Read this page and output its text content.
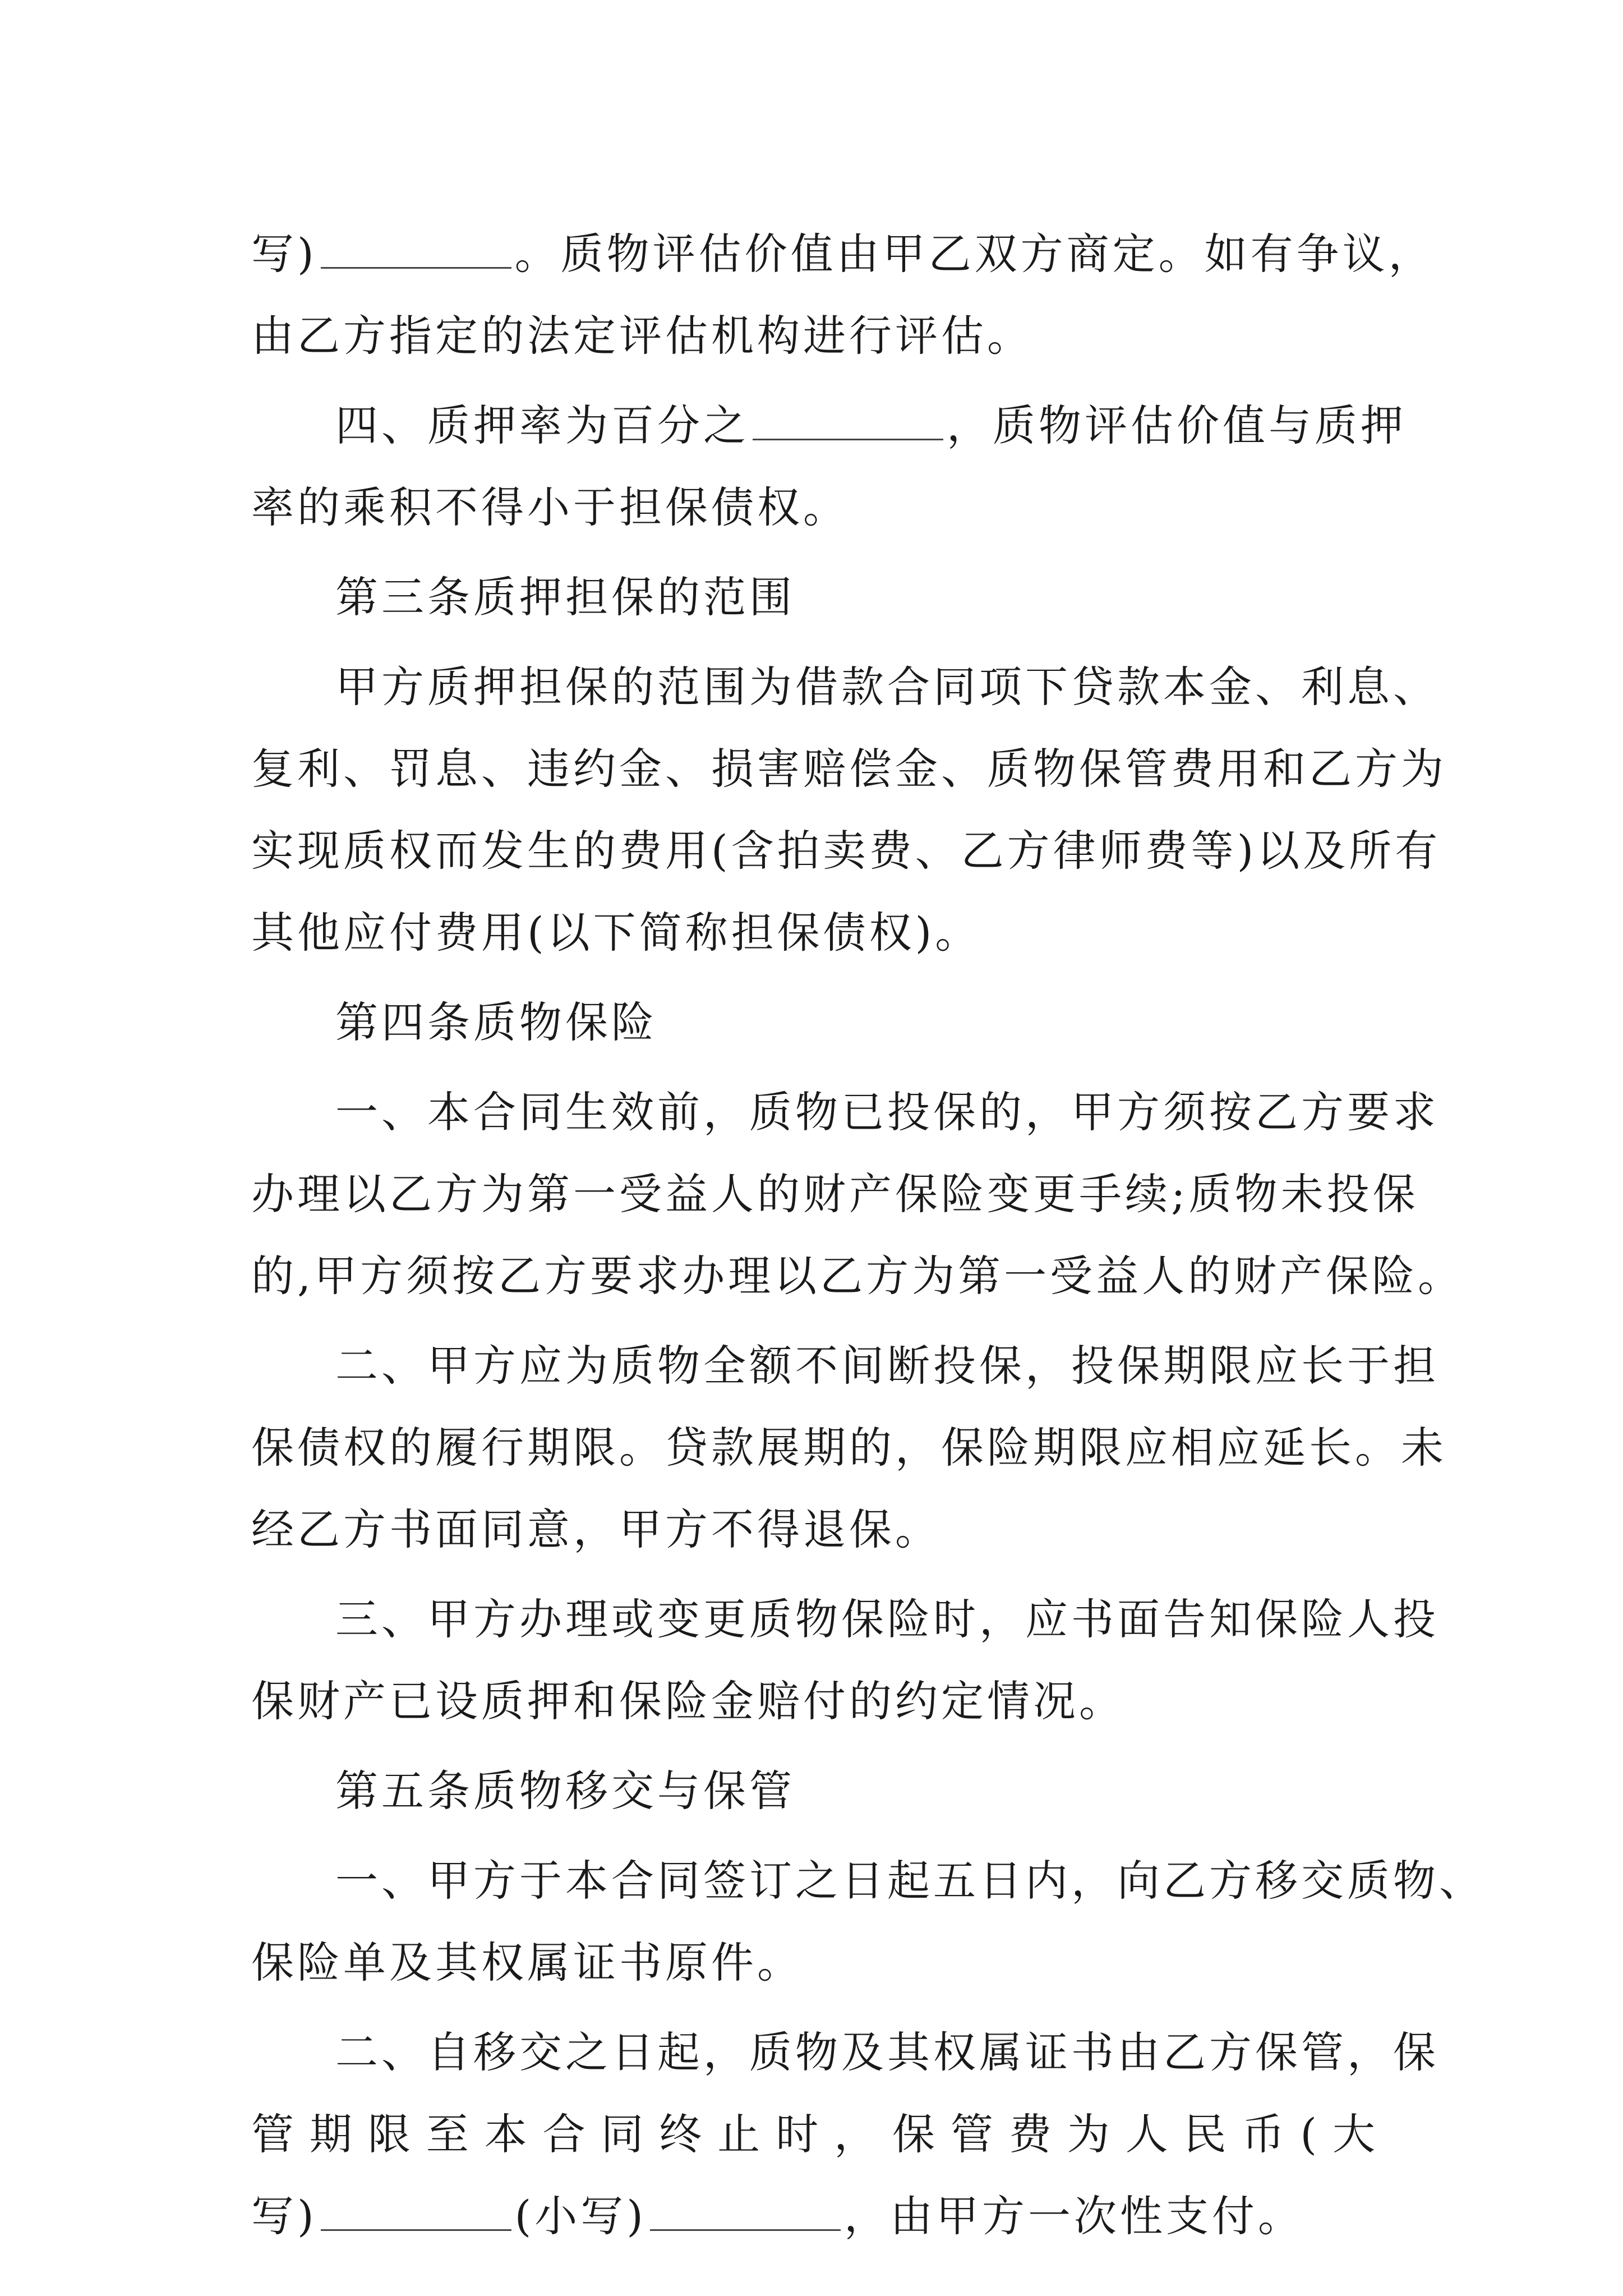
写)	。质物评估价值由甲乙双方商定。如有争议，
由乙方指定的法定评估机构进行评估。
四、质押率为百分之	，质物评估价值与质押
率的乘积不得小于担保债权。
第三条质押担保的范围
甲方质押担保的范围为借款合同项下贷款本金、利息、
复利、罚息、违约金、损害赔偿金、质物保管费用和乙方为
实现质权而发生的费用(含拍卖费、乙方律师费等)以及所有
其他应付费用(以下简称担保债权)。
第四条质物保险
一、本合同生效前，质物已投保的，甲方须按乙方要求
办理以乙方为第一受益人的财产保险变更手续;质物未投保
的,甲方须按乙方要求办理以乙方为第一受益人的财产保险。
二、甲方应为质物全额不间断投保，投保期限应长于担
保债权的履行期限。贷款展期的，保险期限应相应延长。未
经乙方书面同意，甲方不得退保。
三、甲方办理或变更质物保险时，应书面告知保险人投
保财产已设质押和保险金赔付的约定情况。
第五条质物移交与保管
一、甲方于本合同签订之日起五日内，向乙方移交质物、
保险单及其权属证书原件。
二、自移交之日起，质物及其权属证书由乙方保管，保
管期限至本合同终止时，保管费为人民币(大
写)	(小写)	，由甲方一次性支付。
